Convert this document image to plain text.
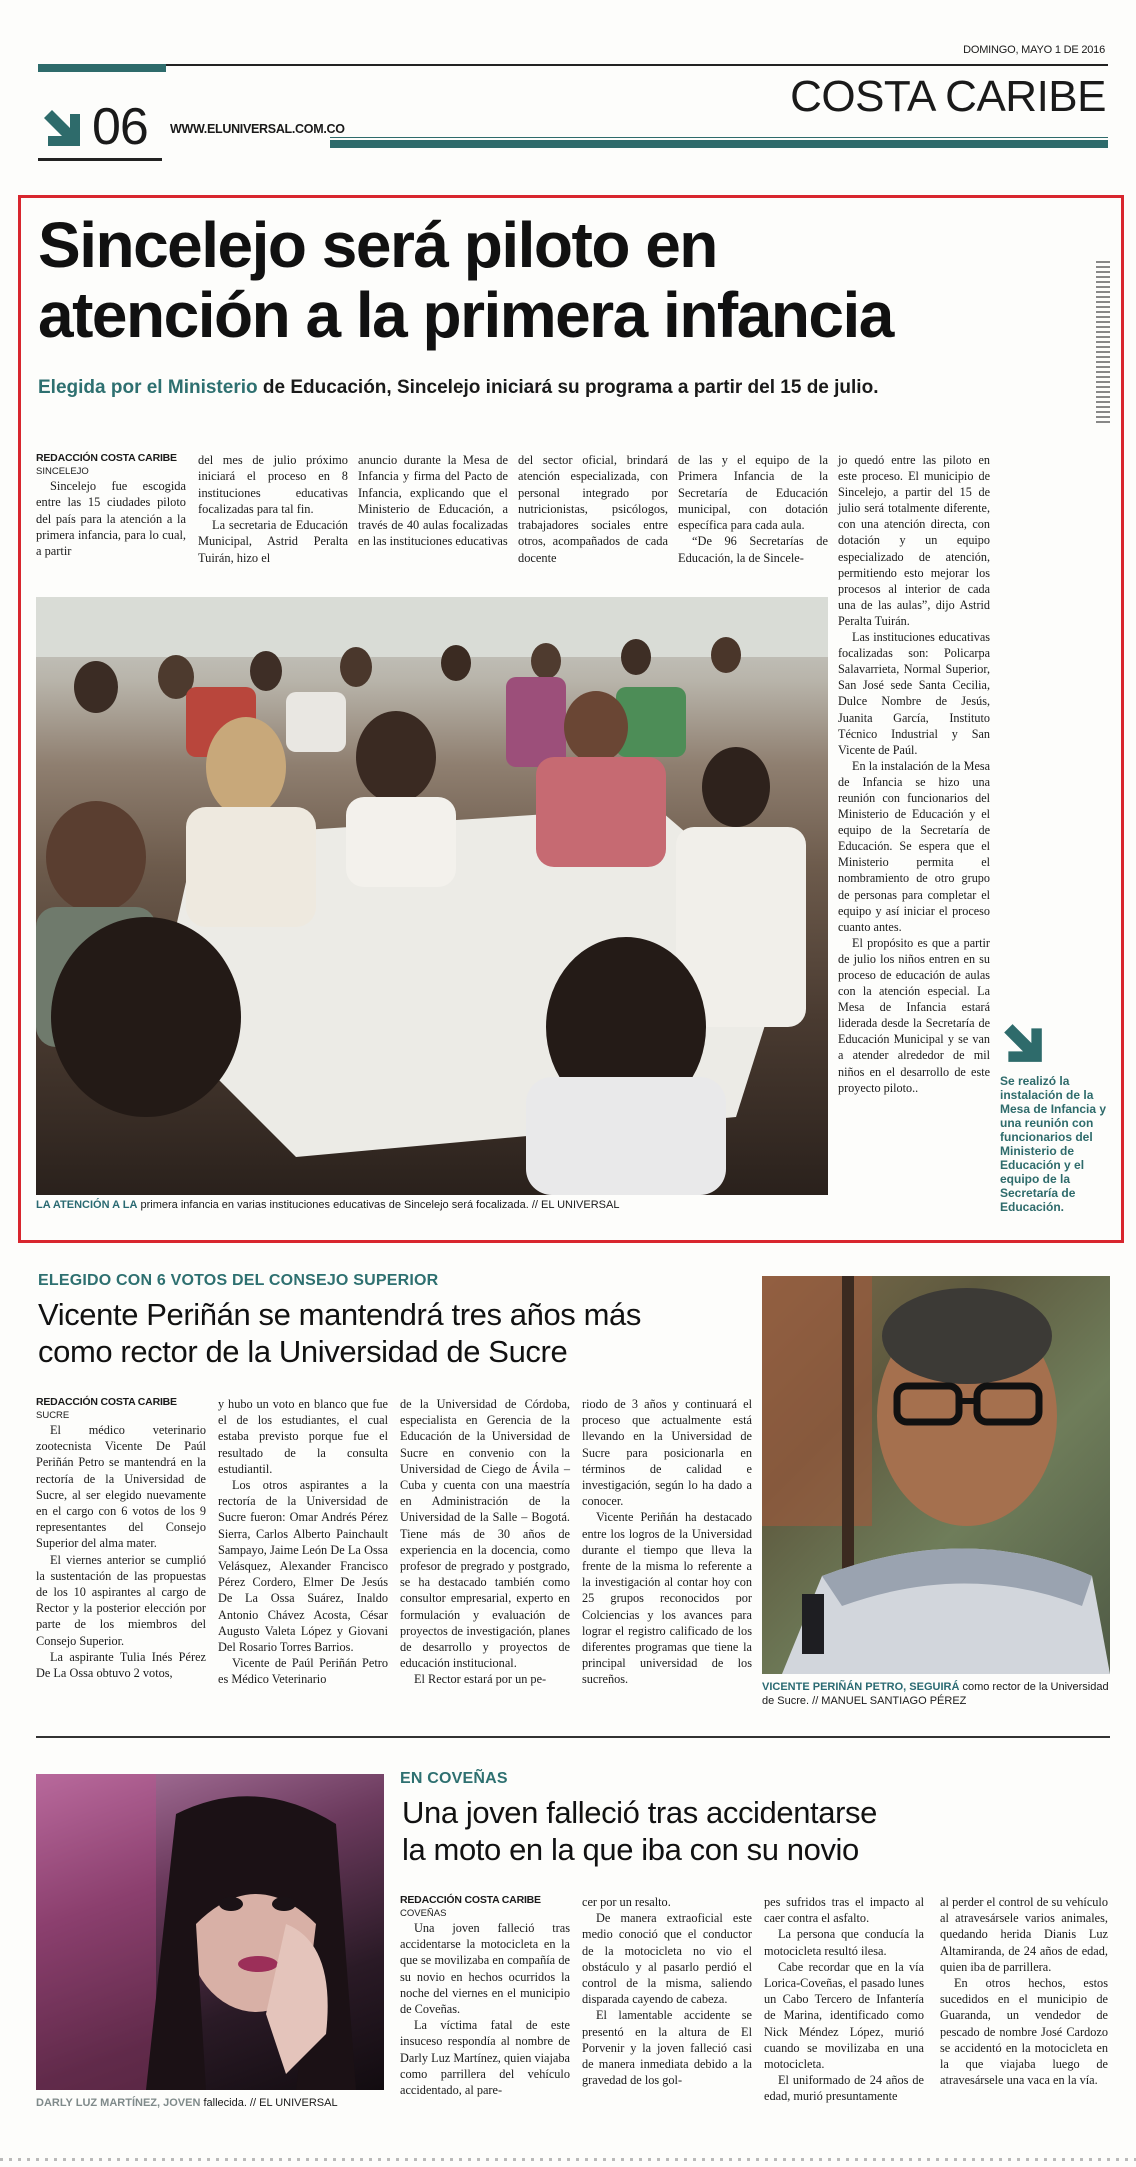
DOMINGO, MAYO 1 DE 2016
06 WWW.ELUNIVERSAL.COM.CO
COSTA CARIBE
Sincelejo será piloto en
atención a la primera infancia
Elegida por el Ministerio de Educación, Sincelejo iniciará su programa a partir del 15 de julio.
REDACCIÓN COSTA CARIBE
SINCELEJO

Sincelejo fue escogida entre las 15 ciudades piloto del país para la atención a la primera infancia, para lo cual, a partir

del mes de julio próximo iniciará el proceso en 8 instituciones educativas focalizadas para tal fin.

La secretaria de Educación Municipal, Astrid Peralta Tuirán, hizo el

anuncio durante la Mesa de Infancia y firma del Pacto de Infancia, explicando que el Ministerio de Educación, a través de 40 aulas focalizadas en las instituciones educativas

del sector oficial, brindará atención especializada, con personal integrado por nutricionistas, psicólogos, trabajadores sociales entre otros, acompañados de cada docente

de las y el equipo de la Primera Infancia de la Secretaría de Educación municipal, con dotación específica para cada aula.

“De 96 Secretarías de Educación, la de Sincele-

jo quedó entre las piloto en este proceso. El municipio de Sincelejo, a partir del 15 de julio será totalmente diferente, con una atención directa, con dotación y un equipo especializado de atención, permitiendo esto mejorar los procesos al interior de cada una de las aulas”, dijo Astrid Peralta Tuirán.

Las instituciones educativas focalizadas son: Policarpa Salavarrieta, Normal Superior, San José sede Santa Cecilia, Dulce Nombre de Jesús, Juanita García, Instituto Técnico Industrial y San Vicente de Paúl.

En la instalación de la Mesa de Infancia se hizo una reunión con funcionarios del Ministerio de Educación y el equipo de la Secretaría de Educación. Se espera que el Ministerio permita el nombramiento de otro grupo de personas para completar el equipo y así iniciar el proceso cuanto antes.

El propósito es que a partir de julio los niños entren en su proceso de educación de aulas con la atención especial. La Mesa de Infancia estará liderada desde la Secretaría de Educación Municipal y se van a atender alrededor de mil niños en el desarrollo de este proyecto piloto..

LA ATENCIÓN A LA primera infancia en varias instituciones educativas de Sincelejo será focalizada. // EL UNIVERSAL
Se realizó la instalación de la Mesa de Infancia y una reunión con funcionarios del Ministerio de Educación y el equipo de la Secretaría de Educación.
ELEGIDO CON 6 VOTOS DEL CONSEJO SUPERIOR
Vicente Periñán se mantendrá tres años más
como rector de la Universidad de Sucre
REDACCIÓN COSTA CARIBE
SUCRE

El médico veterinario zootecnista Vicente De Paúl Periñán Petro se mantendrá en la rectoría de la Universidad de Sucre, al ser elegido nuevamente en el cargo con 6 votos de los 9 representantes del Consejo Superior del alma mater.

El viernes anterior se cumplió la sustentación de las propuestas de los 10 aspirantes al cargo de Rector y la posterior elección por parte de los miembros del Consejo Superior.

La aspirante Tulia Inés Pérez De La Ossa obtuvo 2 votos,

y hubo un voto en blanco que fue el de los estudiantes, el cual estaba previsto porque fue el resultado de la consulta estudiantil.

Los otros aspirantes a la rectoría de la Universidad de Sucre fueron: Omar Andrés Pérez Sierra, Carlos Alberto Painchault Sampayo, Jaime León De La Ossa Velásquez, Alexander Francisco Pérez Cordero, Elmer De Jesús De La Ossa Suárez, Inaldo Antonio Chávez Acosta, César Augusto Valeta López y Giovani Del Rosario Torres Barrios.

Vicente de Paúl Periñán Petro es Médico Veterinario

de la Universidad de Córdoba, especialista en Gerencia de la Educación de la Universidad de Sucre en convenio con la Universidad de Ciego de Ávila – Cuba y cuenta con una maestría en Administración de la Universidad de la Salle – Bogotá. Tiene más de 30 años de experiencia en la docencia, como profesor de pregrado y postgrado, se ha destacado también como consultor empresarial, experto en formulación y evaluación de proyectos de investigación, planes de desarrollo y proyectos de educación institucional.

El Rector estará por un pe-

riodo de 3 años y continuará el proceso que actualmente está llevando en la Universidad de Sucre para posicionarla en términos de calidad e investigación, según lo ha dado a conocer.

Vicente Periñán ha destacado entre los logros de la Universidad durante el tiempo que lleva la frente de la misma lo referente a la investigación al contar hoy con 25 grupos reconocidos por Colciencias y los avances para lograr el registro calificado de los diferentes programas que tiene la principal universidad de los sucreños.

VICENTE PERIÑÁN PETRO, SEGUIRÁ como rector de la Universidad de Sucre. // MANUEL SANTIAGO PÉREZ
DARLY LUZ MARTÍNEZ, JOVEN fallecida. // EL UNIVERSAL
EN COVEÑAS
Una joven falleció tras accidentarse
la moto en la que iba con su novio
REDACCIÓN COSTA CARIBE
COVEÑAS

Una joven falleció tras accidentarse la motocicleta en la que se movilizaba en compañía de su novio en hechos ocurridos la noche del viernes en el municipio de Coveñas.

La víctima fatal de este insuceso respondía al nombre de Darly Luz Martínez, quien viajaba como parrillera del vehículo accidentado, al pare-

cer por un resalto.

De manera extraoficial este medio conoció que el conductor de la motocicleta no vio el obstáculo y al pasarlo perdió el control de la misma, saliendo disparada cayendo de cabeza.

El lamentable accidente se presentó en la altura de El Porvenir y la joven falleció casi de manera inmediata debido a la gravedad de los gol-

pes sufridos tras el impacto al caer contra el asfalto.

La persona que conducía la motocicleta resultó ilesa.

Cabe recordar que en la vía Lorica-Coveñas, el pasado lunes un Cabo Tercero de Infantería de Marina, identificado como Nick Méndez López, murió cuando se movilizaba en una motocicleta.

El uniformado de 24 años de edad, murió presuntamente

al perder el control de su vehículo al atravesársele varios animales, quedando herida Dianis Luz Altamiranda, de 24 años de edad, quien iba de parrillera.

En otros hechos, estos sucedidos en el municipio de Guaranda, un vendedor de pescado de nombre José Cardozo se accidentó en la motocicleta en la que viajaba luego de atravesársele una vaca en la vía.
